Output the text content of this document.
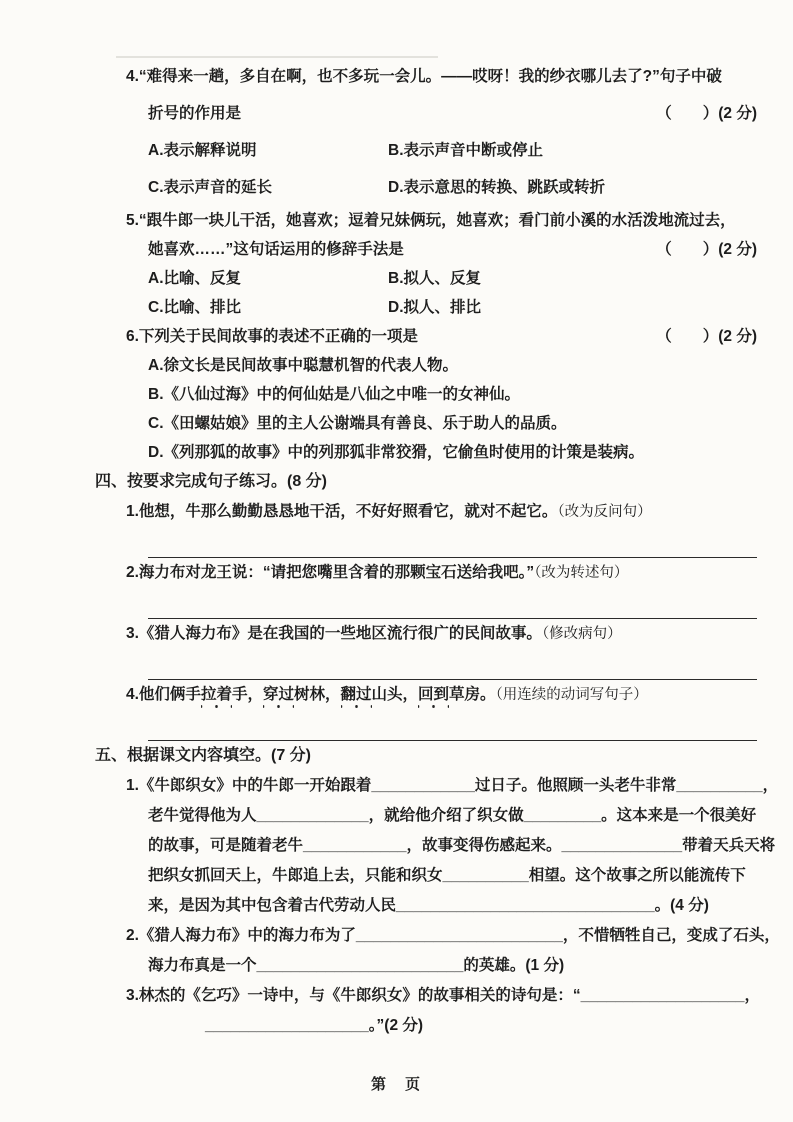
4.“难得来一趟，多自在啊，也不多玩一会儿。——哎呀！我的纱衣哪儿去了?”句子中破
折号的作用是	（　　）(2 分)
A.表示解释说明	B.表示声音中断或停止
C.表示声音的延长	D.表示意思的转换、跳跃或转折
5.“跟牛郎一块儿干活，她喜欢；逗着兄妹俩玩，她喜欢；看门前小溪的水活泼地流过去，
她喜欢……”这句话运用的修辞手法是	（　　）(2 分)
A.比喻、反复	B.拟人、反复
C.比喻、排比	D.拟人、排比
6.下列关于民间故事的表述不正确的一项是	（　　）(2 分)
A.徐文长是民间故事中聪慧机智的代表人物。
B.《八仙过海》中的何仙姑是八仙之中唯一的女神仙。
C.《田螺姑娘》里的主人公谢端具有善良、乐于助人的品质。
D.《列那狐的故事》中的列那狐非常狡猾，它偷鱼时使用的计策是装病。
四、按要求完成句子练习。(8 分)
1.他想，牛那么勤勤恳恳地干活，不好好照看它，就对不起它。（改为反问句）
2.海力布对龙王说：“请把您嘴里含着的那颗宝石送给我吧。”（改为转述句）
3.《猎人海力布》是在我国的一些地区流行很广的民间故事。（修改病句）
4.他们俩手拉着手，穿过树林，翻过山头，回到草房。（用连续的动词写句子）
五、根据课文内容填空。(7 分)
1.《牛郎织女》中的牛郎一开始跟着____________过日子。他照顾一头老牛非常__________，
老牛觉得他为人_____________，就给他介绍了织女做_________。这本来是一个很美好
的故事，可是随着老牛____________，故事变得伤感起来。______________带着天兵天将
把织女抓回天上，牛郎追上去，只能和织女__________相望。这个故事之所以能流传下
来，是因为其中包含着古代劳动人民______________________________。(4 分)
2.《猎人海力布》中的海力布为了________________________，不惜牺牲自己，变成了石头，
海力布真是一个________________________的英雄。(1 分)
3.林杰的《乞巧》一诗中，与《牛郎织女》的故事相关的诗句是：“___________________，
___________________。”(2 分)
第　页
